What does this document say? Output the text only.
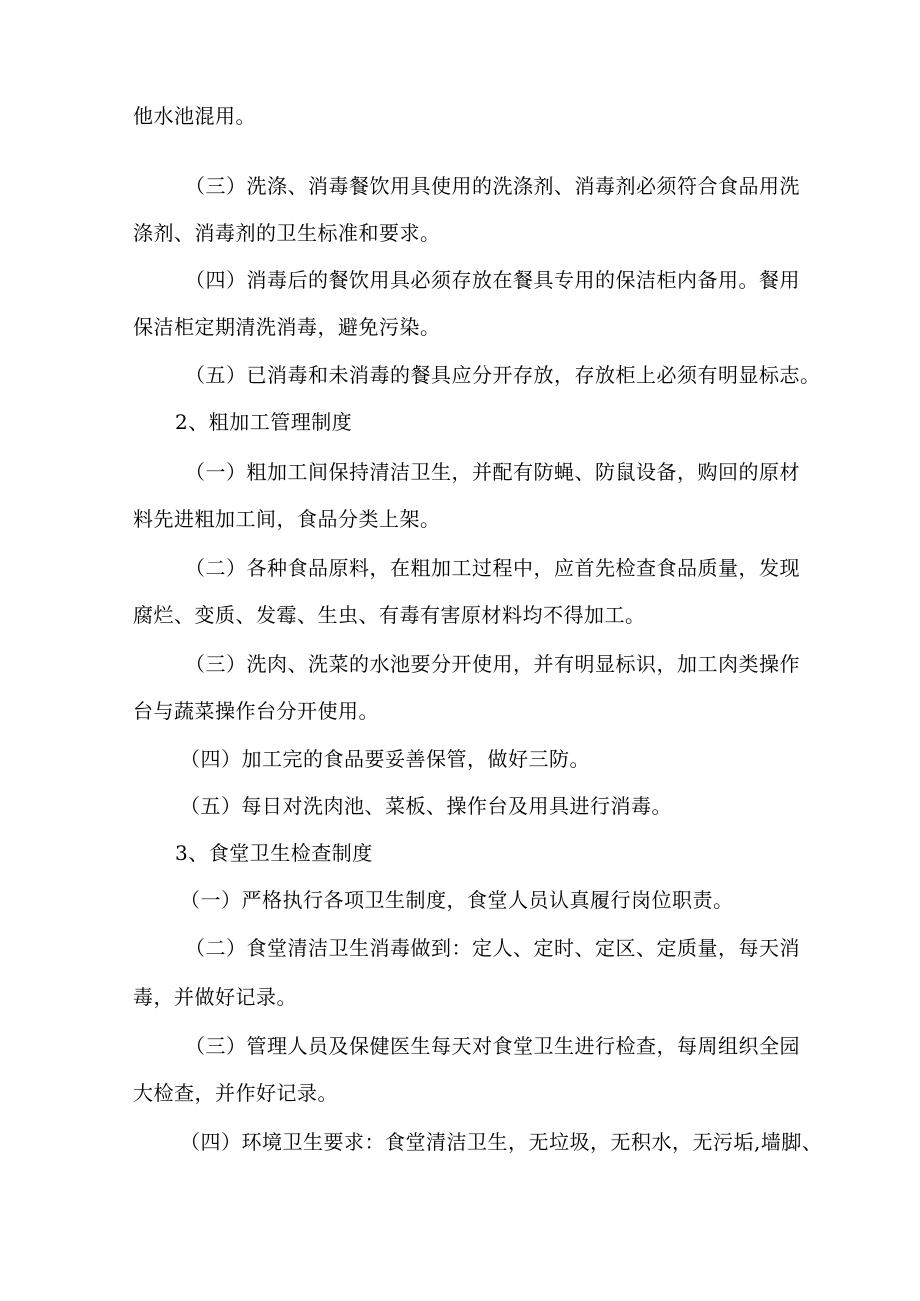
他水池混用。
（三）洗涤、消毒餐饮用具使用的洗涤剂、消毒剂必须符合食品用洗
涤剂、消毒剂的卫生标准和要求。
（四）消毒后的餐饮用具必须存放在餐具专用的保洁柜内备用。餐用
保洁柜定期清洗消毒，避免污染。
（五）已消毒和未消毒的餐具应分开存放，存放柜上必须有明显标志。
2、粗加工管理制度
（一）粗加工间保持清洁卫生，并配有防蝇、防鼠设备，购回的原材
料先进粗加工间，食品分类上架。
（二）各种食品原料，在粗加工过程中，应首先检查食品质量，发现
腐烂、变质、发霉、生虫、有毒有害原材料均不得加工。
（三）洗肉、洗菜的水池要分开使用，并有明显标识，加工肉类操作
台与蔬菜操作台分开使用。
（四）加工完的食品要妥善保管，做好三防。
（五）每日对洗肉池、菜板、操作台及用具进行消毒。
3、食堂卫生检查制度
（一）严格执行各项卫生制度，食堂人员认真履行岗位职责。
（二）食堂清洁卫生消毒做到：定人、定时、定区、定质量，每天消
毒，并做好记录。
（三）管理人员及保健医生每天对食堂卫生进行检查，每周组织全园
大检查，并作好记录。
（四）环境卫生要求：食堂清洁卫生，无垃圾，无积水，无污垢,墙脚、
